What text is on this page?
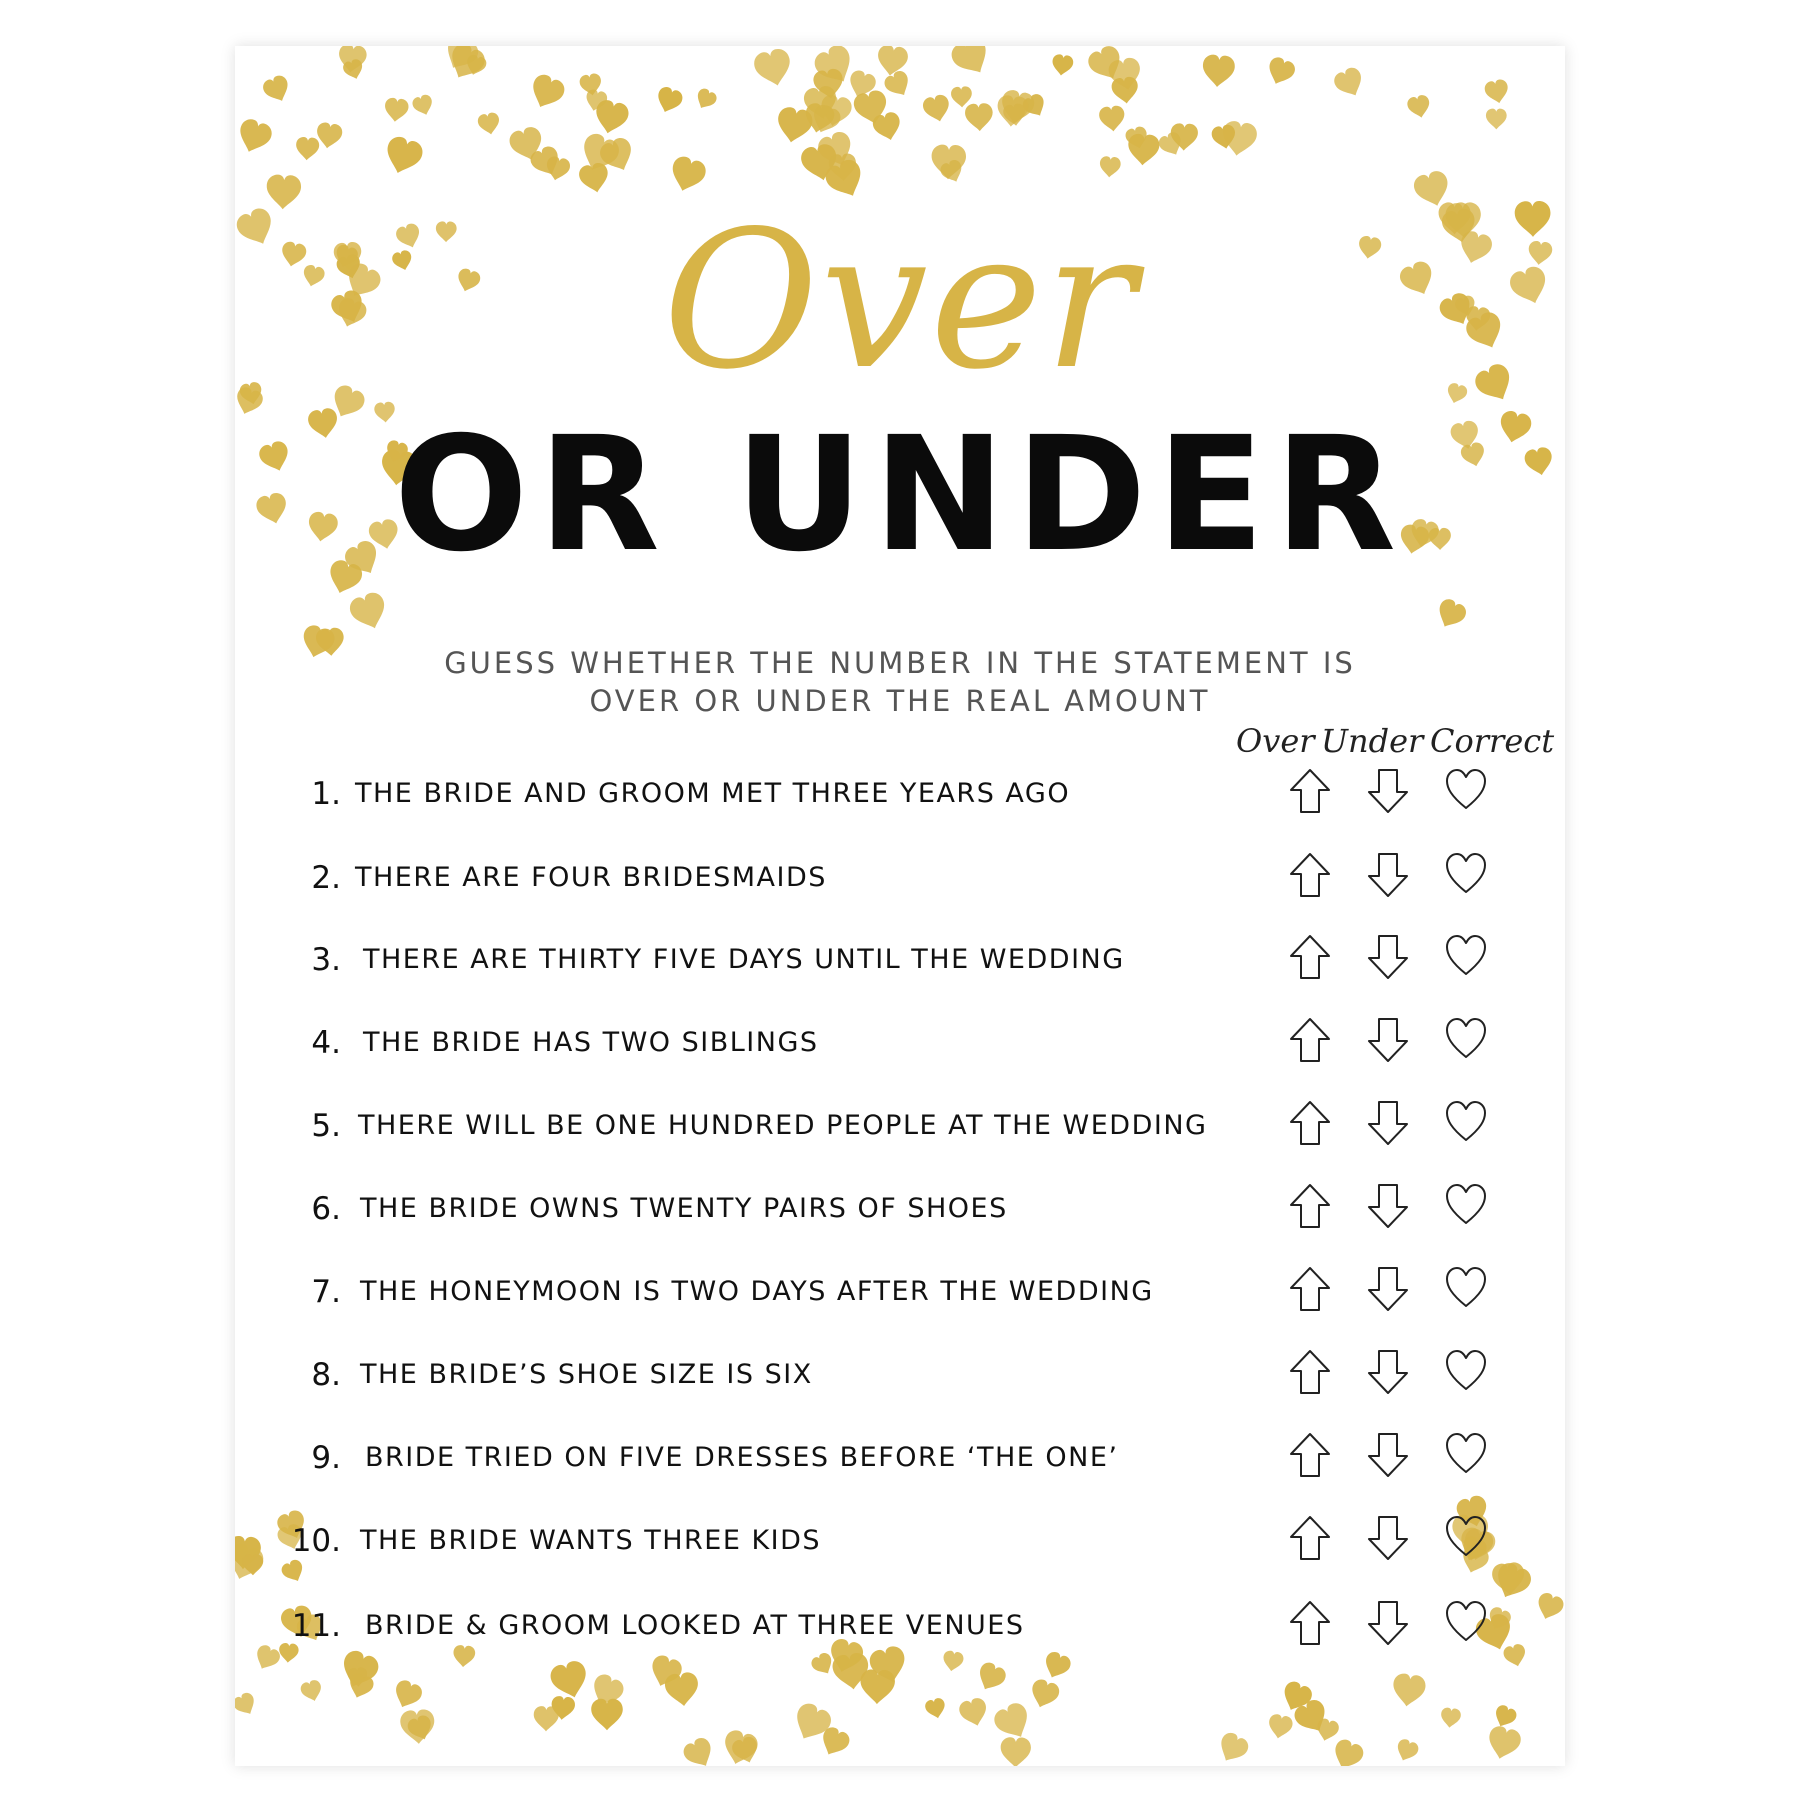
Over
OR UNDER
GUESS WHETHER THE NUMBER IN THE STATEMENT IS
OVER OR UNDER THE REAL AMOUNT
Over Under Correct
1. THE BRIDE AND GROOM MET THREE YEARS AGO
2. THERE ARE FOUR BRIDESMAIDS
3. THERE ARE THIRTY FIVE DAYS UNTIL THE WEDDING
4. THE BRIDE HAS TWO SIBLINGS
5. THERE WILL BE ONE HUNDRED PEOPLE AT THE WEDDING
6. THE BRIDE OWNS TWENTY PAIRS OF SHOES
7. THE HONEYMOON IS TWO DAYS AFTER THE WEDDING
8. THE BRIDE’S SHOE SIZE IS SIX
9. BRIDE TRIED ON FIVE DRESSES BEFORE ‘THE ONE’
10. THE BRIDE WANTS THREE KIDS
11. BRIDE & GROOM LOOKED AT THREE VENUES
